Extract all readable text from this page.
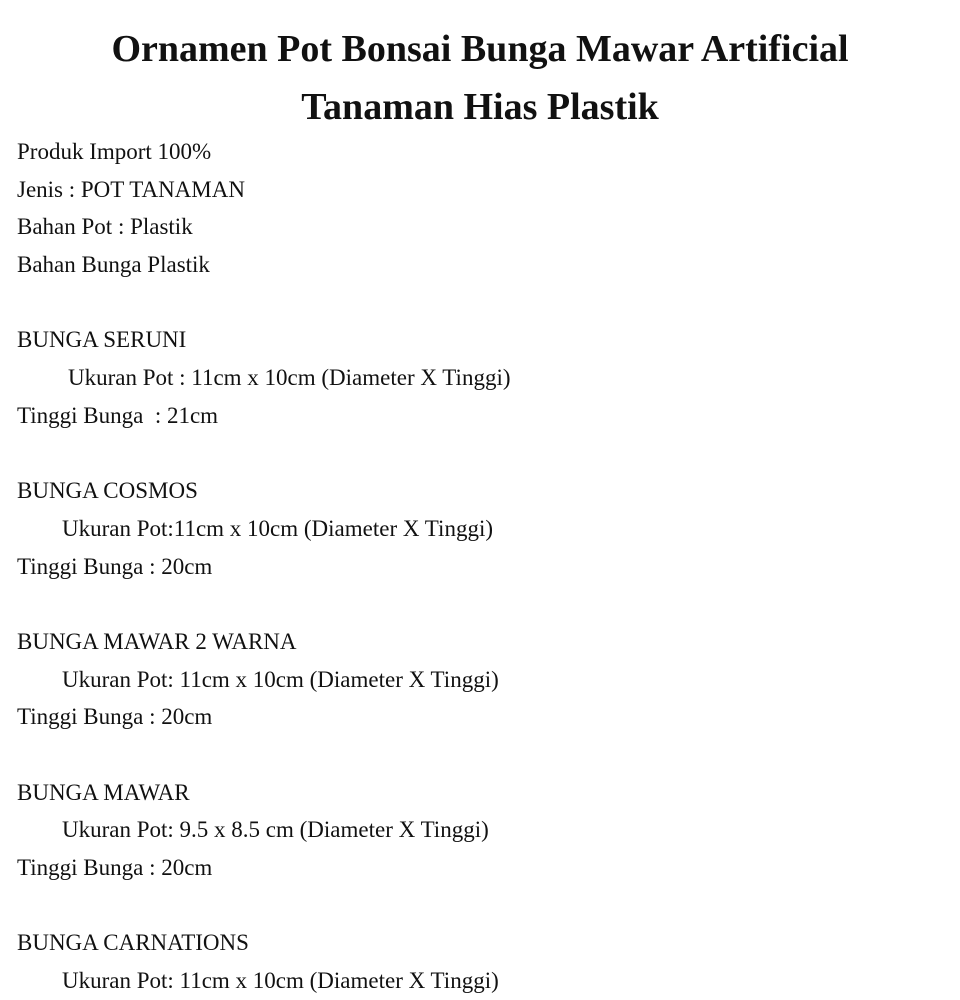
Ornamen Pot Bonsai Bunga Mawar Artificial
Tanaman Hias Plastik
Produk Import 100%
Jenis : POT TANAMAN
Bahan Pot : Plastik
Bahan Bunga Plastik
BUNGA SERUNI
Ukuran Pot : 11cm x 10cm (Diameter X Tinggi)
Tinggi Bunga  : 21cm
BUNGA COSMOS
Ukuran Pot:11cm x 10cm (Diameter X Tinggi)
Tinggi Bunga : 20cm
BUNGA MAWAR 2 WARNA
Ukuran Pot: 11cm x 10cm (Diameter X Tinggi)
Tinggi Bunga : 20cm
BUNGA MAWAR
Ukuran Pot: 9.5 x 8.5 cm (Diameter X Tinggi)
Tinggi Bunga : 20cm
BUNGA CARNATIONS
Ukuran Pot: 11cm x 10cm (Diameter X Tinggi)
